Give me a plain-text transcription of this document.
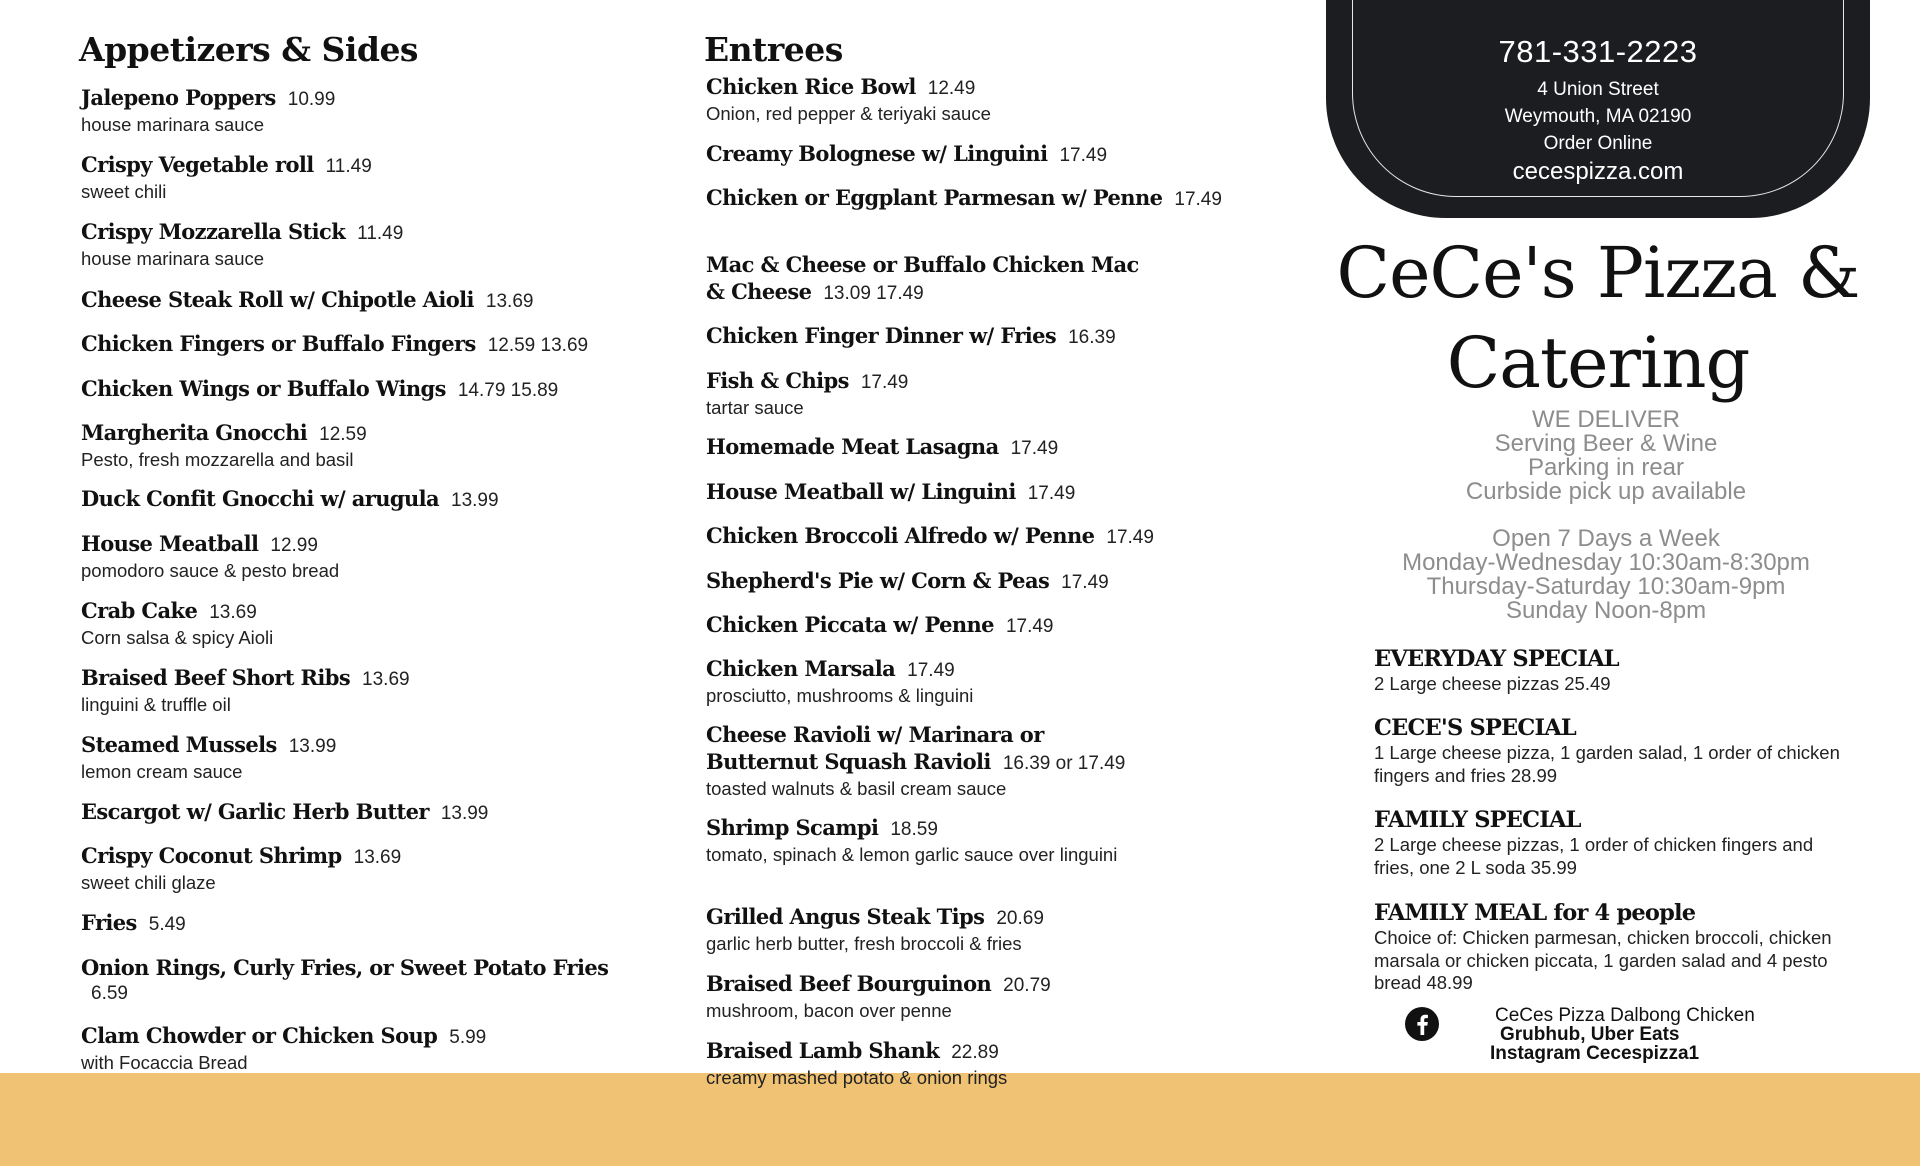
Appetizers & Sides
Jalepeno Poppers 10.99
house marinara sauce
Crispy Vegetable roll 11.49
sweet chili
Crispy Mozzarella Stick 11.49
house marinara sauce
Cheese Steak Roll w/ Chipotle Aioli 13.69
Chicken Fingers or Buffalo Fingers 12.59 13.69
Chicken Wings or Buffalo Wings 14.79 15.89
Margherita Gnocchi 12.59
Pesto, fresh mozzarella and basil
Duck Confit Gnocchi w/ arugula 13.99
House Meatball 12.99
pomodoro sauce & pesto bread
Crab Cake 13.69
Corn salsa & spicy Aioli
Braised Beef Short Ribs 13.69
linguini & truffle oil
Steamed Mussels 13.99
lemon cream sauce
Escargot w/ Garlic Herb Butter 13.99
Crispy Coconut Shrimp 13.69
sweet chili glaze
Fries 5.49
Onion Rings, Curly Fries, or Sweet Potato Fries
6.59
Clam Chowder or Chicken Soup 5.99
with Focaccia Bread
Entrees
Chicken Rice Bowl 12.49
Onion, red pepper & teriyaki sauce
Creamy Bolognese w/ Linguini 17.49
Chicken or Eggplant Parmesan w/ Penne 17.49
Mac & Cheese or Buffalo Chicken Mac & Cheese 13.09 17.49
Chicken Finger Dinner w/ Fries 16.39
Fish & Chips 17.49
tartar sauce
Homemade Meat Lasagna 17.49
House Meatball w/ Linguini 17.49
Chicken Broccoli Alfredo w/ Penne 17.49
Shepherd's Pie w/ Corn & Peas 17.49
Chicken Piccata w/ Penne 17.49
Chicken Marsala 17.49
prosciutto, mushrooms & linguini
Cheese Ravioli w/ Marinara or Butternut Squash Ravioli 16.39 or 17.49
toasted walnuts & basil cream sauce
Shrimp Scampi 18.59
tomato, spinach & lemon garlic sauce over linguini
Grilled Angus Steak Tips 20.69
garlic herb butter, fresh broccoli & fries
Braised Beef Bourguinon 20.79
mushroom, bacon over penne
Braised Lamb Shank 22.89
creamy mashed potato & onion rings
781-331-2223
4 Union Street
Weymouth, MA 02190
Order Online
cecespizza.com
CeCe's Pizza &
Catering
WE DELIVER
Serving Beer & Wine
Parking in rear
Curbside pick up available
Open 7 Days a Week
Monday-Wednesday 10:30am-8:30pm
Thursday-Saturday 10:30am-9pm
Sunday Noon-8pm
EVERYDAY SPECIAL
2 Large cheese pizzas 25.49
CECE'S SPECIAL
1 Large cheese pizza, 1 garden salad, 1 order of chicken fingers and fries 28.99
FAMILY SPECIAL
2 Large cheese pizzas, 1 order of chicken fingers and fries, one 2 L soda 35.99
FAMILY MEAL for 4 people
Choice of: Chicken parmesan, chicken broccoli, chicken marsala or chicken piccata, 1 garden salad and 4 pesto bread 48.99
CeCes Pizza Dalbong Chicken
Grubhub, Uber Eats
Instagram Cecespizza1
